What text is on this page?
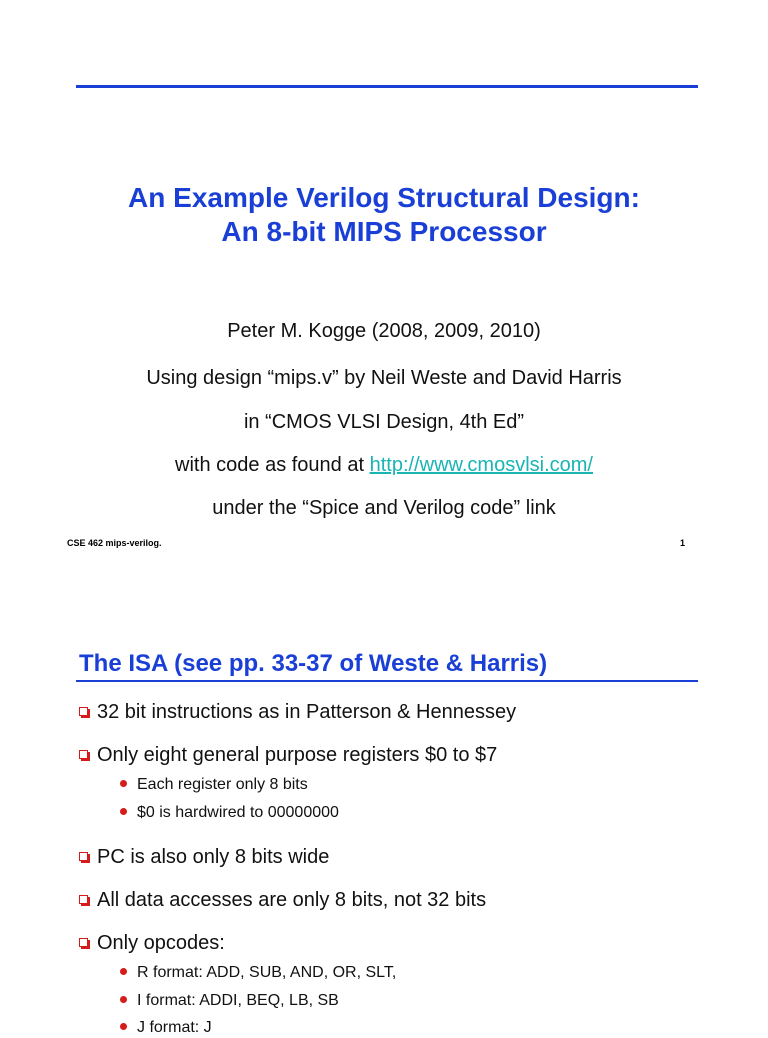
An Example Verilog Structural Design:
An 8-bit MIPS Processor
Peter M. Kogge (2008, 2009, 2010)
Using design “mips.v” by Neil Weste and David Harris
in “CMOS VLSI Design, 4th Ed”
with code as found at http://www.cmosvlsi.com/
under the “Spice and Verilog code” link
CSE 462 mips-verilog.	1
The ISA (see pp. 33-37 of Weste & Harris)
32 bit instructions as in Patterson & Hennessey
Only eight general purpose registers $0 to $7
Each register only 8 bits
$0 is hardwired to 00000000
PC is also only 8 bits wide
All data accesses are only 8 bits, not 32 bits
Only opcodes:
R format: ADD, SUB, AND, OR, SLT,
I format: ADDI, BEQ, LB, SB
J format: J
